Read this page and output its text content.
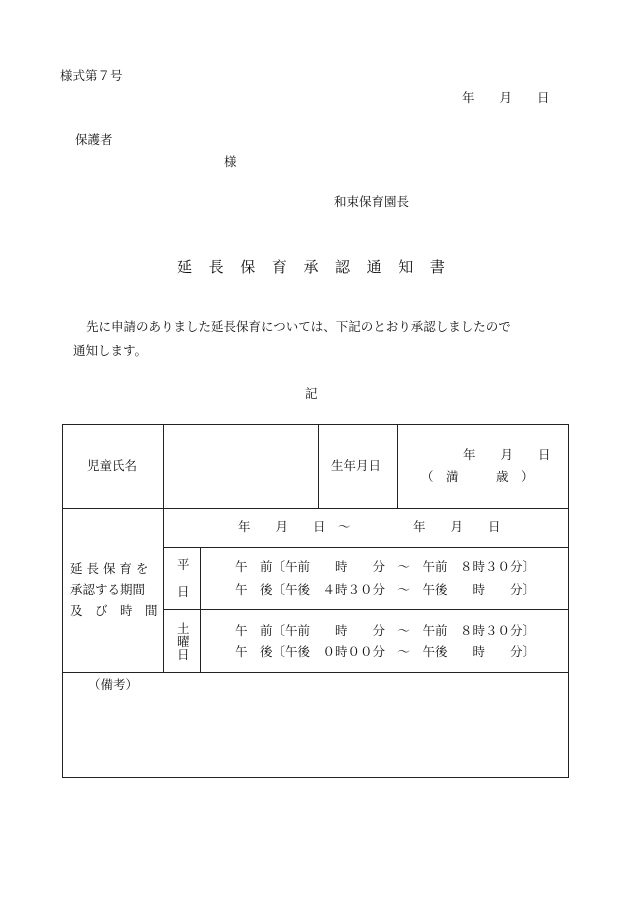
様式第７号
年　　月　　日
保護者
様
和束保育園長
延 長 保 育 承 認 通 知 書
先に申請のありました延長保育については、下記のとおり承認しましたので
通知します。
記
児童氏名	生年月日
年　　月　　日
（　満　　　歳　）
延 長 保 育 を
承認する期間
及　び　時　間
年　　月　　日　～　　　　　年　　月　　日
平
日
午　前〔午前　　時　　分　～　午前　８時３０分〕
午　後〔午後　４時３０分　～　午後　　時　　分〕
土
曜
日
午　前〔午前　　時　　分　～　午前　８時３０分〕
午　後〔午後　０時００分　～　午後　　時　　分〕
（備考）
